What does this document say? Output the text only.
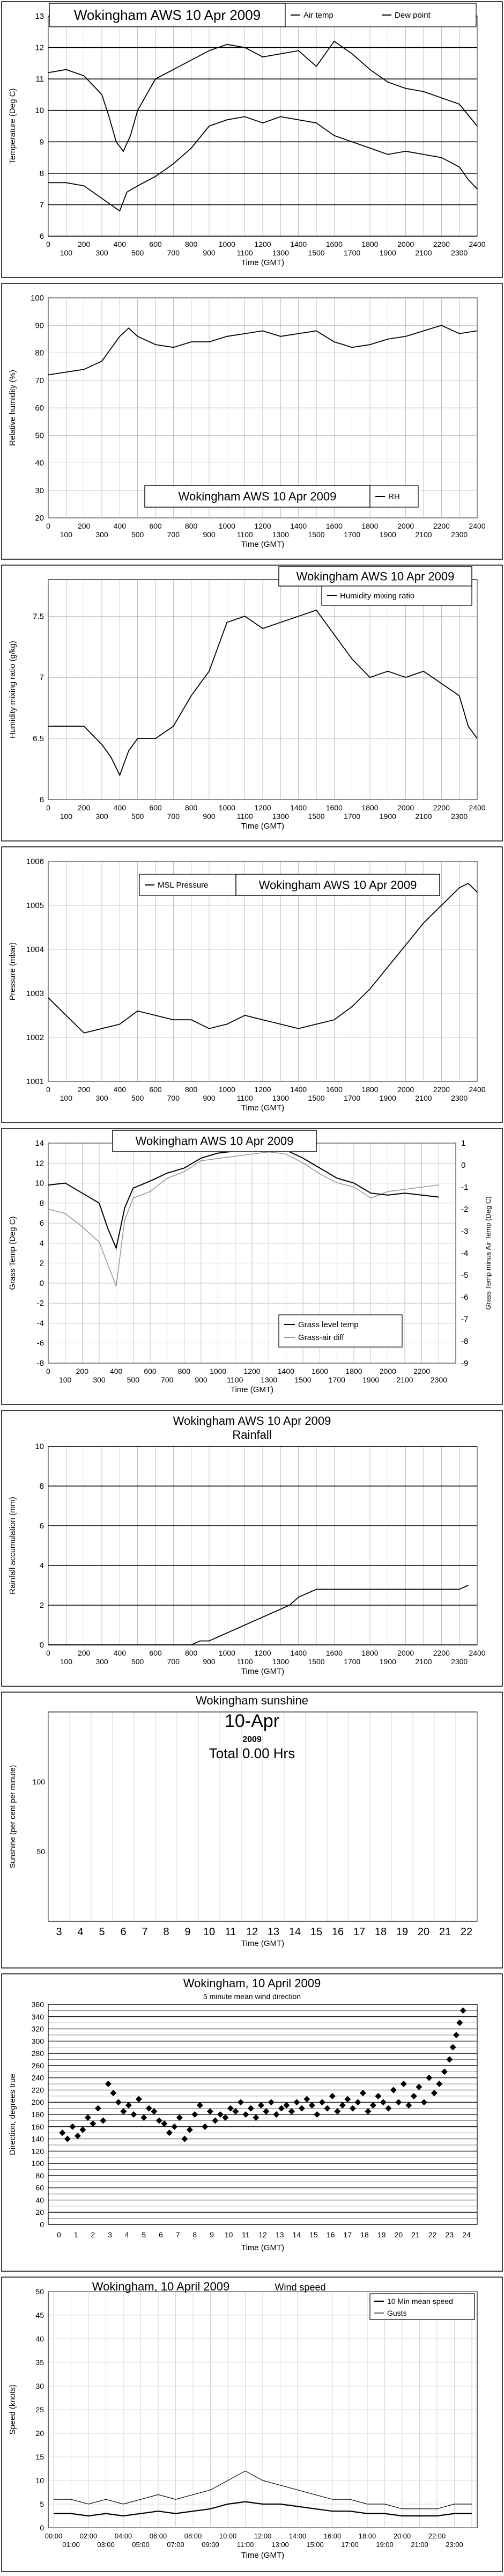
6
7
8
9
10
11
12
13
0	200	400	600	800	1000	1200	1400	1600	1800	2000	2200	2400
100	300	500	700	900	1100	1300	1500	1700	1900	2100	2300
Time (GMT)
Temperature (Deg C)
Wokingham AWS 10 Apr 2009	Air temp	Dew point
20
30
40
50
60
70
80
90
100
0	200	400	600	800	1000	1200	1400	1600	1800	2000	2200	2400
100	300	500	700	900	1100	1300	1500	1700	1900	2100	2300
Time (GMT)
Relative humidity (%)
Wokingham AWS 10 Apr 2009	RH
6
6.5
7
7.5
0	200	400	600	800	1000	1200	1400	1600	1800	2000	2200	2400
100	300	500	700	900	1100	1300	1500	1700	1900	2100	2300
Time (GMT)
Humidity mixing ratio (g/kg)
Wokingham AWS 10 Apr 2009
Humidity mixing ratio
1001
1002
1003
1004
1005
1006
0	200	400	600	800	1000	1200	1400	1600	1800	2000	2200	2400
100	300	500	700	900	1100	1300	1500	1700	1900	2100	2300
Time (GMT)
Pressure (mbar)
MSL Pressure	Wokingham AWS 10 Apr 2009
-8
-6
-4
-2
0
2
4
6
8
10
12
14
-9
-8
-7
-6
-5
-4
-3
-2
-1
0
1
0	200	400	600	800	1000 1200 1400 1600 1800 2000 2200
100	300	500	700	900	1100 1300 1500 1700 1900 2100 2300
Time (GMT)
Grass Temp (Deg C)	Grass Temp minus Air Temp (Deg C)
Wokingham AWS 10 Apr 2009
Grass level temp
Grass-air diff
0
2
4
6
8
10
0	200	400	600	800	1000	1200	1400	1600	1800	2000	2200	2400
100	300	500	700	900	1100	1300	1500	1700	1900	2100	2300
Time (GMT)
Rainfall accumulation (mm)
Wokingham AWS 10 Apr 2009
Rainfall
3 4 5 6 7 8 9 10 11 12 13 14 15 16 17 18 19 20 21 22
50
100
Time (GMT)
Sunshine (per cent per minute)
Wokingham sunshine
10-Apr
2009
Total 0.00 Hrs
0
20
40
60
80
100
120
140
160
180
200
220
240
260
280
300
320
340
360
0 1 2 3 4 5 6 7 8 9 10 11 12 13 14 15 16 17 18 19 20 21 22 23 24
Time (GMT)
Direction, degrees true
Wokingham, 10 April 2009
5 minute mean wind direction
0
5
10
15
20
25
30
35
40
45
50
00:00 02:00 04:00 06:00 08:00 10:00 12:00 14:00 16:00 18:00 20:00 22:00
01:00 03:00 05:00 07:00 09:00	11:00	13:00 15:00 17:00 19:00 21:00 23:00
Time (GMT)
Speed (knots)
Wokingham, 10 April 2009	Wind speed
10 Min mean speed
Gusts
